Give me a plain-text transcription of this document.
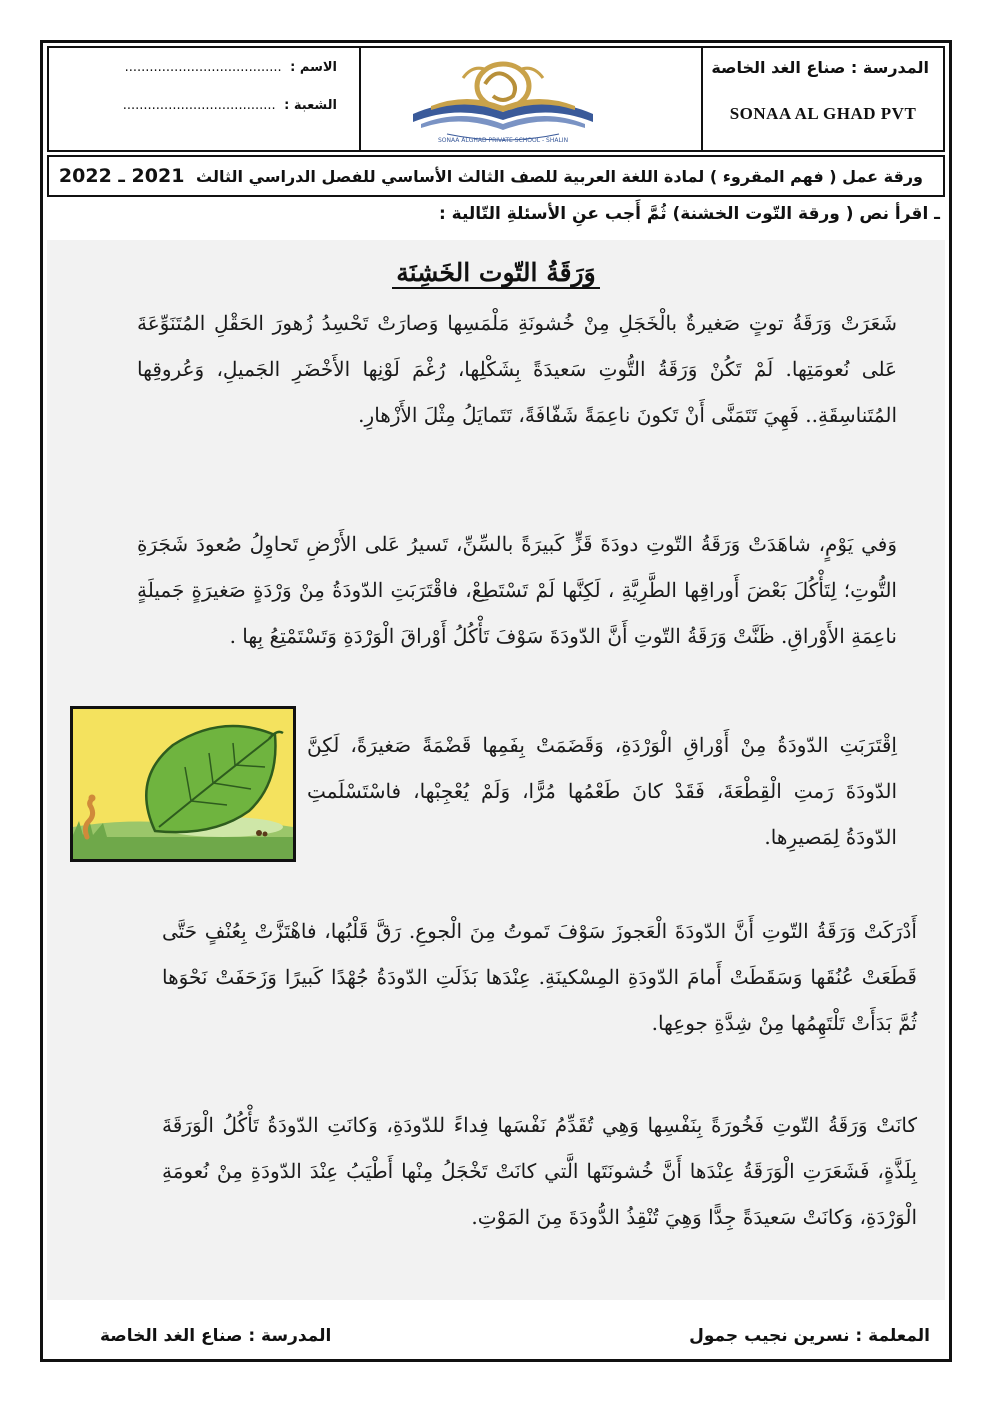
الاسم : ......................................
الشعبة : .....................................
SONAA ALGHAD PRIVATE SCHOOL - SHALIN
المدرسة : صناع الغد الخاصة
SONAA AL GHAD PVT
ورقة عمل ( فهم المقروء ) لمادة اللغة العربية للصف الثالث الأساسي للفصل الدراسي الثالث 2021 ـ 2022
ـ اقرأ نص ( ورقة التّوت الخشنة) ثُمَّ أَجب عنِ الأسئلةِ التّالية :
وَرَقَةُ التّوت الخَشِنَة
شَعَرَتْ وَرَقَةُ توتٍ صَغيرةٌ بالْخَجَلِ مِنْ خُشونَةِ مَلْمَسِها وَصارَتْ تَحْسِدُ زُهورَ الحَقْلِ المُتَنَوِّعَةَ عَلى نُعومَتِها. لَمْ تَكُنْ وَرَقَةُ التُّوتِ سَعيدَةً بِشَكْلِها، رُغْمَ لَوْنِها الأَخْضَرِ الجَميلِ، وَعُروقِها المُتَناسِقَةِ.. فَهِيَ تَتَمَنَّى أَنْ تَكونَ ناعِمَةً شَفّافَةً، تَتَمايَلُ مِثْلَ الأَزْهارِ.
وَفي يَوْمٍ، شاهَدَتْ وَرَقَةُ التّوتِ دودَةَ قَزٍّ كَبيرَةً بالسِّنِّ، تَسيرُ عَلى الأَرْضِ تَحاوِلُ صُعودَ شَجَرَةِ التُّوتِ؛ لِتَأْكُلَ بَعْضَ أَوراقِها الطَّرِيَّةِ ، لَكِنَّها لَمْ تَسْتَطِعْ، فاقْتَرَبَتِ الدّودَةُ مِنْ وَرْدَةٍ صَغيرَةٍ جَميلَةٍ ناعِمَةِ الأَوْراقِ. ظَنَّتْ وَرَقَةُ التّوتِ أَنَّ الدّودَةَ سَوْفَ تَأْكُلُ أَوْراقَ الْوَرْدَةِ وَتَسْتَمْتِعُ بِها .
اِقْتَرَبَتِ الدّودَةُ مِنْ أَوْراقِ الْوَرْدَةِ، وَقَضَمَتْ بِفَمِها قَضْمَةً صَغيرَةً، لَكِنَّ الدّودَةَ رَمتِ الْقِطْعَةَ، فَقَدْ كانَ طَعْمُها مُرًّا، وَلَمْ يُعْجِبْها، فاسْتَسْلَمتِ الدّودَةُ لِمَصيرِها.
أَدْرَكَتْ وَرَقَةُ التّوتِ أَنَّ الدّودَةَ الْعَجوزَ سَوْفَ تَموتُ مِنَ الْجوعِ. رَقَّ قَلْبُها، فاهْتَزَّتْ بِعُنْفٍ حَتَّى قَطَعَتْ عُنُقَها وَسَقَطَتْ أَمامَ الدّودَةِ المِسْكينَةِ. عِنْدَها بَذَلَتِ الدّودَةُ جُهْدًا كَبيرًا وَزَحَفَتْ نَحْوَها ثُمَّ بَدَأَتْ تَلْتَهِمُها مِنْ شِدَّةِ جوعِها.
كانَتْ وَرَقَةُ التّوتِ فَخُورَةً بِنَفْسِها وَهِي تُقَدِّمُ نَفْسَها فِداءً للدّودَةِ، وَكانَتِ الدّودَةُ تَأْكُلُ الْوَرَقَةَ بِلَذَّةٍ، فَشَعَرَتِ الْوَرَقَةُ عِنْدَها أَنَّ خُشونَتَها الَّتي كانَتْ تَخْجَلُ مِنْها أَطْيَبُ عِنْدَ الدّودَةِ مِنْ نُعومَةِ الْوَرْدَةِ، وَكانَتْ سَعيدَةً جِدًّا وَهِيَ تُنْقِذُ الدُّودَةَ مِنَ المَوْتِ.
المعلمة : نسرين نجيب جمول
المدرسة : صناع الغد الخاصة
